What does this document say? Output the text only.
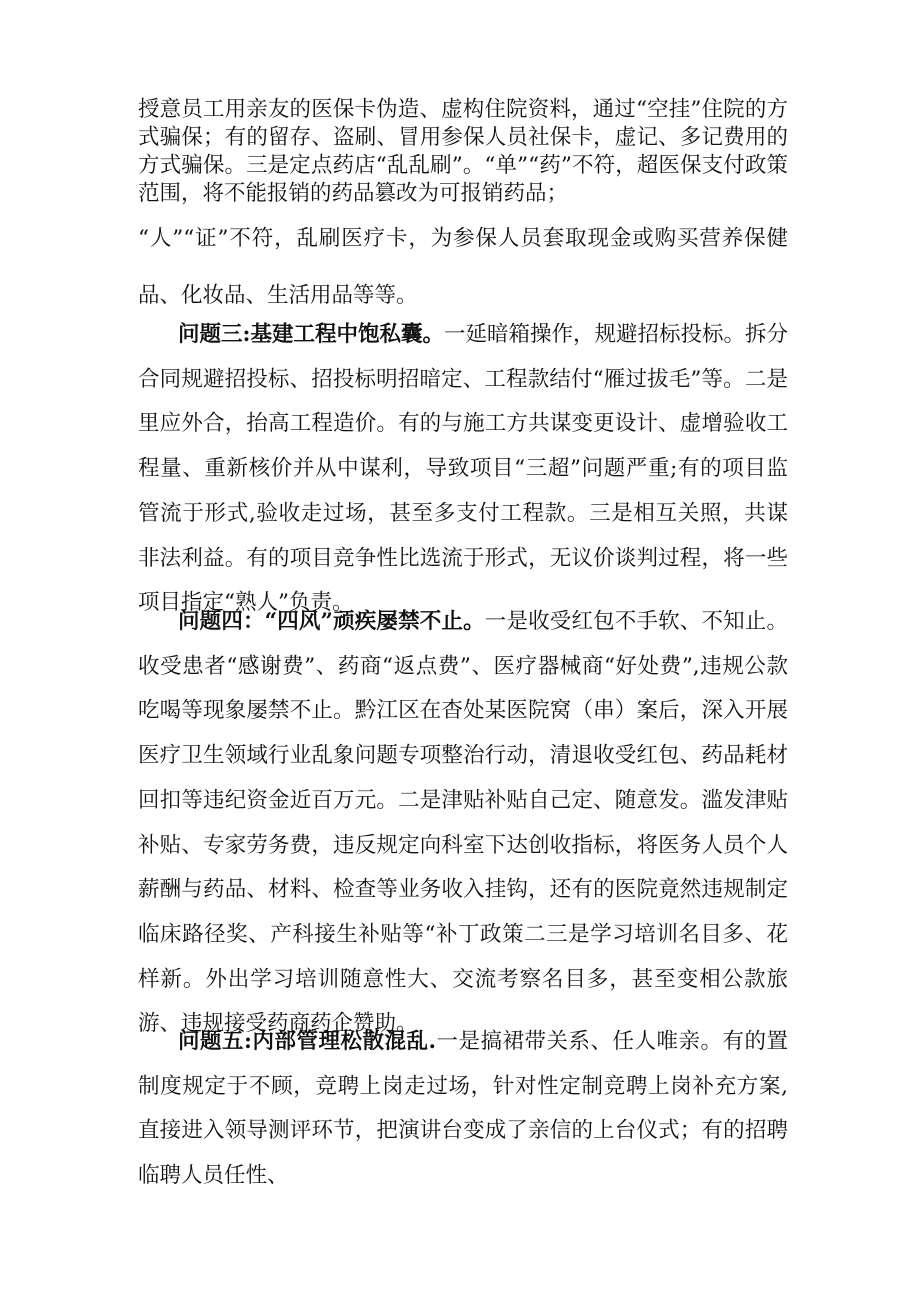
授意员工用亲友的医保卡伪造、虚构住院资料，通过“空挂”住院的方式骗保；有的留存、盗刷、冒用参保人员社保卡，虚记、多记费用的方式骗保。三是定点药店“乱乱刷”。“单”“药”不符，超医保支付政策范围，将不能报销的药品篡改为可报销药品；

“人”“证”不符，乱刷医疗卡，为参保人员套取现金或购买营养保健品、化妆品、生活用品等等。

问题三:基建工程中饱私囊。一延暗箱操作，规避招标投标。拆分合同规避招投标、招投标明招暗定、工程款结付“雁过拔毛”等。二是里应外合，抬高工程造价。有的与施工方共谋变更设计、虚增验收工程量、重新核价并从中谋利，导致项目“三超”问题严重;有的项目监管流于形式,验收走过场，甚至多支付工程款。三是相互关照，共谋非法利益。有的项目竞争性比选流于形式，无议价谈判过程，将一些项目指定“熟人”负责。

问题四：“四风”顽疾屡禁不止。一是收受红包不手软、不知止。收受患者“感谢费”、药商“返点费”、医疗器械商“好处费”,违规公款吃喝等现象屡禁不止。黔江区在杳处某医院窝（串）案后，深入开展医疗卫生领域行业乱象问题专项整治行动，清退收受红包、药品耗材回扣等违纪资金近百万元。二是津贴补贴自己定、随意发。滥发津贴补贴、专家劳务费，违反规定向科室下达创收指标，将医务人员个人薪酬与药品、材料、检查等业务收入挂钩，还有的医院竟然违规制定临床路径奖、产科接生补贴等“补丁政策二三是学习培训名目多、花样新。外出学习培训随意性大、交流考察名目多，甚至变相公款旅游、违规接受药商药企赞助。

问题五:内部管理松散混乱.一是搞裙带关系、任人唯亲。有的置制度规定于不顾，竞聘上岗走过场，针对性定制竞聘上岗补充方案,直接进入领导测评环节，把演讲台变成了亲信的上台仪式；有的招聘临聘人员任性、
